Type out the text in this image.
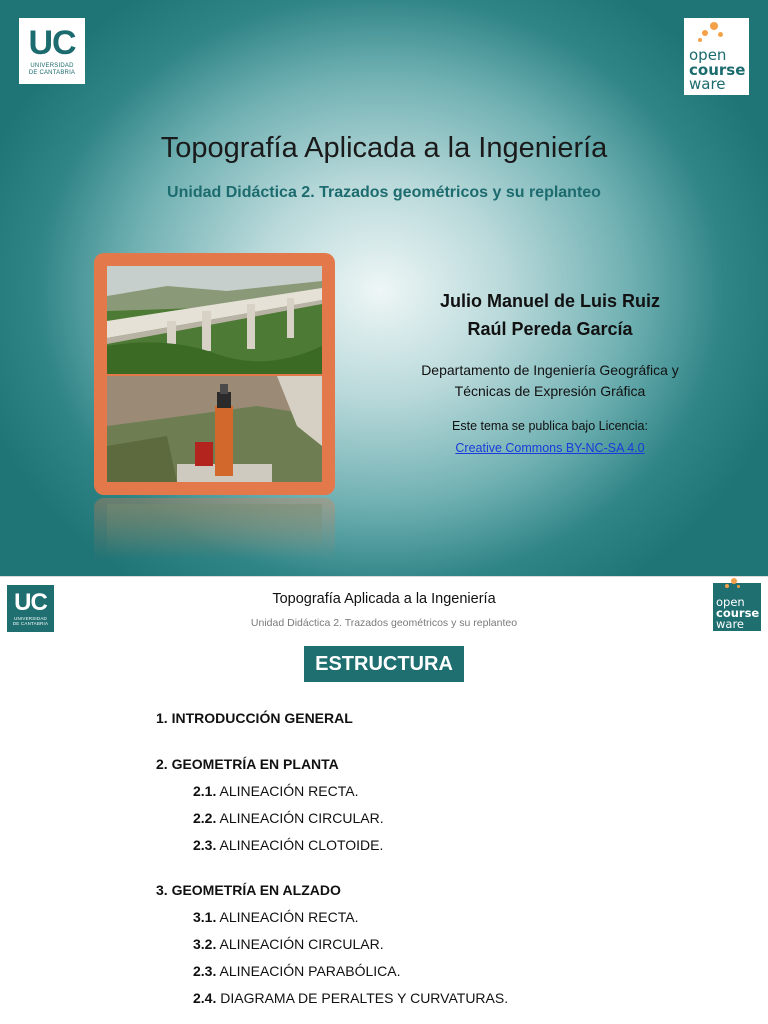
UC
UNIVERSIDAD
DE CANTABRIA
open
course
ware
Topografía Aplicada a la Ingeniería
Unidad Didáctica 2. Trazados geométricos y su replanteo
Julio Manuel de Luis Ruiz
Raúl Pereda García
Departamento de Ingeniería Geográfica y
Técnicas de Expresión Gráfica
Este tema se publica bajo Licencia:
Creative Commons BY-NC-SA 4.0
UC
UNIVERSIDAD
DE CANTABRIA
open
course
ware
Topografía Aplicada a la Ingeniería
Unidad Didáctica 2. Trazados geométricos y su replanteo
ESTRUCTURA
1. INTRODUCCIÓN GENERAL
2. GEOMETRÍA EN PLANTA
2.1. ALINEACIÓN RECTA.
2.2. ALINEACIÓN CIRCULAR.
2.3. ALINEACIÓN CLOTOIDE.
3. GEOMETRÍA EN ALZADO
3.1. ALINEACIÓN RECTA.
3.2. ALINEACIÓN CIRCULAR.
2.3. ALINEACIÓN PARABÓLICA.
2.4. DIAGRAMA DE PERALTES Y CURVATURAS.
